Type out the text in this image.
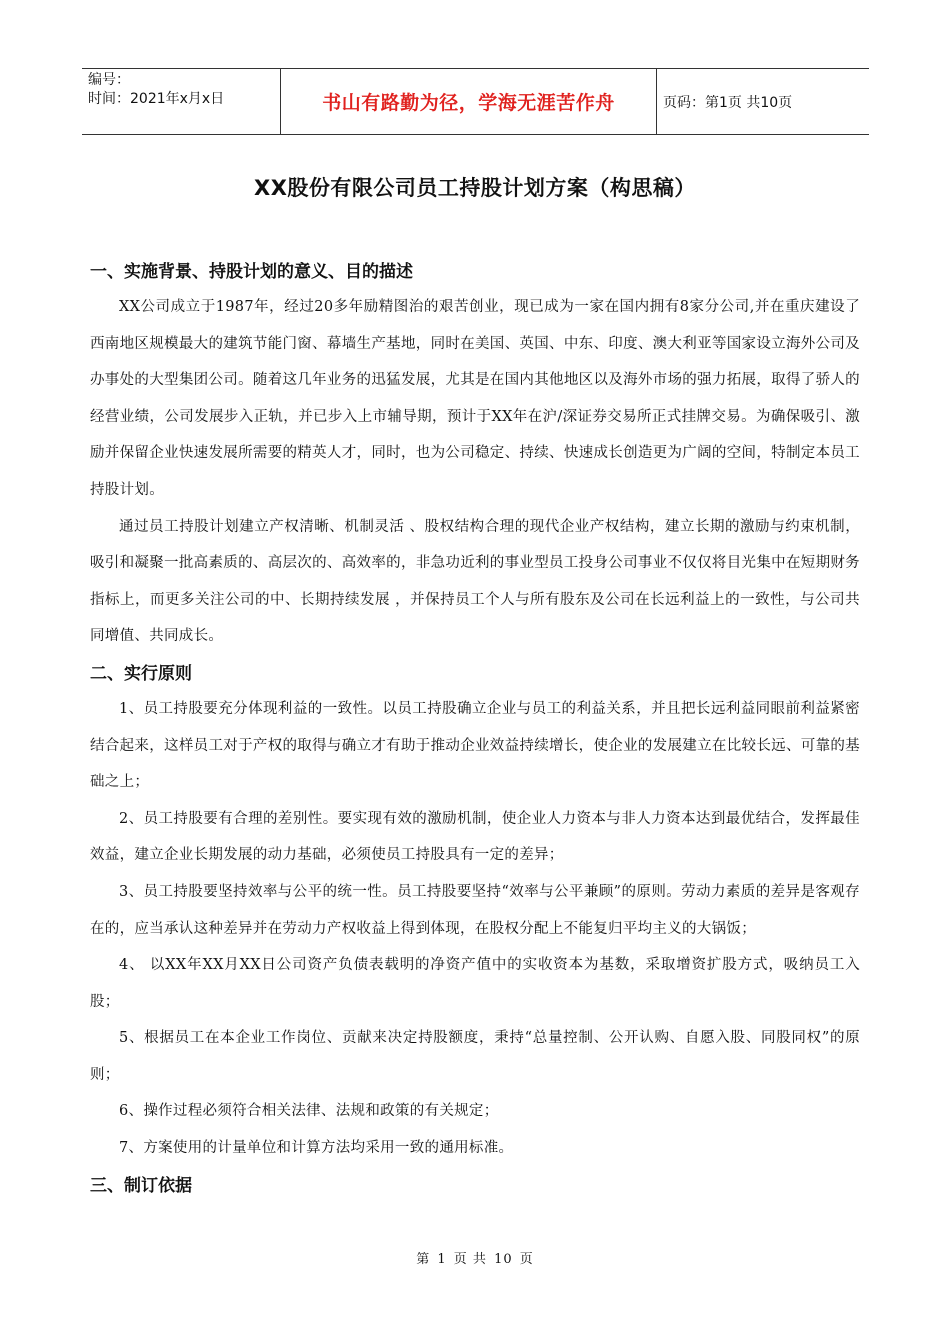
编号：
时间：2021年x月x日	书山有路勤为径，学海无涯苦作舟	页码：第1页 共10页
XX股份有限公司员工持股计划方案（构思稿）
一、实施背景、持股计划的意义、目的描述

XX公司成立于1987年，经过20多年励精图治的艰苦创业，现已成为一家在国内拥有8家分公司,并在重庆建设了西南地区规模最大的建筑节能门窗、幕墙生产基地，同时在美国、英国、中东、印度、澳大利亚等国家设立海外公司及办事处的大型集团公司。随着这几年业务的迅猛发展，尤其是在国内其他地区以及海外市场的强力拓展，取得了骄人的经营业绩，公司发展步入正轨，并已步入上市辅导期，预计于XX年在沪/深证券交易所正式挂牌交易。为确保吸引、激励并保留企业快速发展所需要的精英人才，同时，也为公司稳定、持续、快速成长创造更为广阔的空间，特制定本员工持股计划。

通过员工持股计划建立产权清晰、机制灵活 、股权结构合理的现代企业产权结构，建立长期的激励与约束机制，吸引和凝聚一批高素质的、高层次的、高效率的，非急功近利的事业型员工投身公司事业不仅仅将目光集中在短期财务指标上，而更多关注公司的中、长期持续发展 ，并保持员工个人与所有股东及公司在长远利益上的一致性，与公司共同增值、共同成长。

二、实行原则

1、员工持股要充分体现利益的一致性。以员工持股确立企业与员工的利益关系，并且把长远利益同眼前利益紧密结合起来，这样员工对于产权的取得与确立才有助于推动企业效益持续增长，使企业的发展建立在比较长远、可靠的基础之上；

2、员工持股要有合理的差别性。要实现有效的激励机制，使企业人力资本与非人力资本达到最优结合，发挥最佳效益，建立企业长期发展的动力基础，必须使员工持股具有一定的差异；

3、员工持股要坚持效率与公平的统一性。员工持股要坚持“效率与公平兼顾”的原则。劳动力素质的差异是客观存在的，应当承认这种差异并在劳动力产权收益上得到体现，在股权分配上不能复归平均主义的大锅饭；

4、 以XX年XX月XX日公司资产负债表载明的净资产值中的实收资本为基数，采取增资扩股方式，吸纳员工入股；

5、根据员工在本企业工作岗位、贡献来决定持股额度，秉持“总量控制、公开认购、自愿入股、同股同权”的原则；

6、操作过程必须符合相关法律、法规和政策的有关规定；

7、方案使用的计量单位和计算方法均采用一致的通用标准。

三、制订依据
第 1 页 共 10 页
